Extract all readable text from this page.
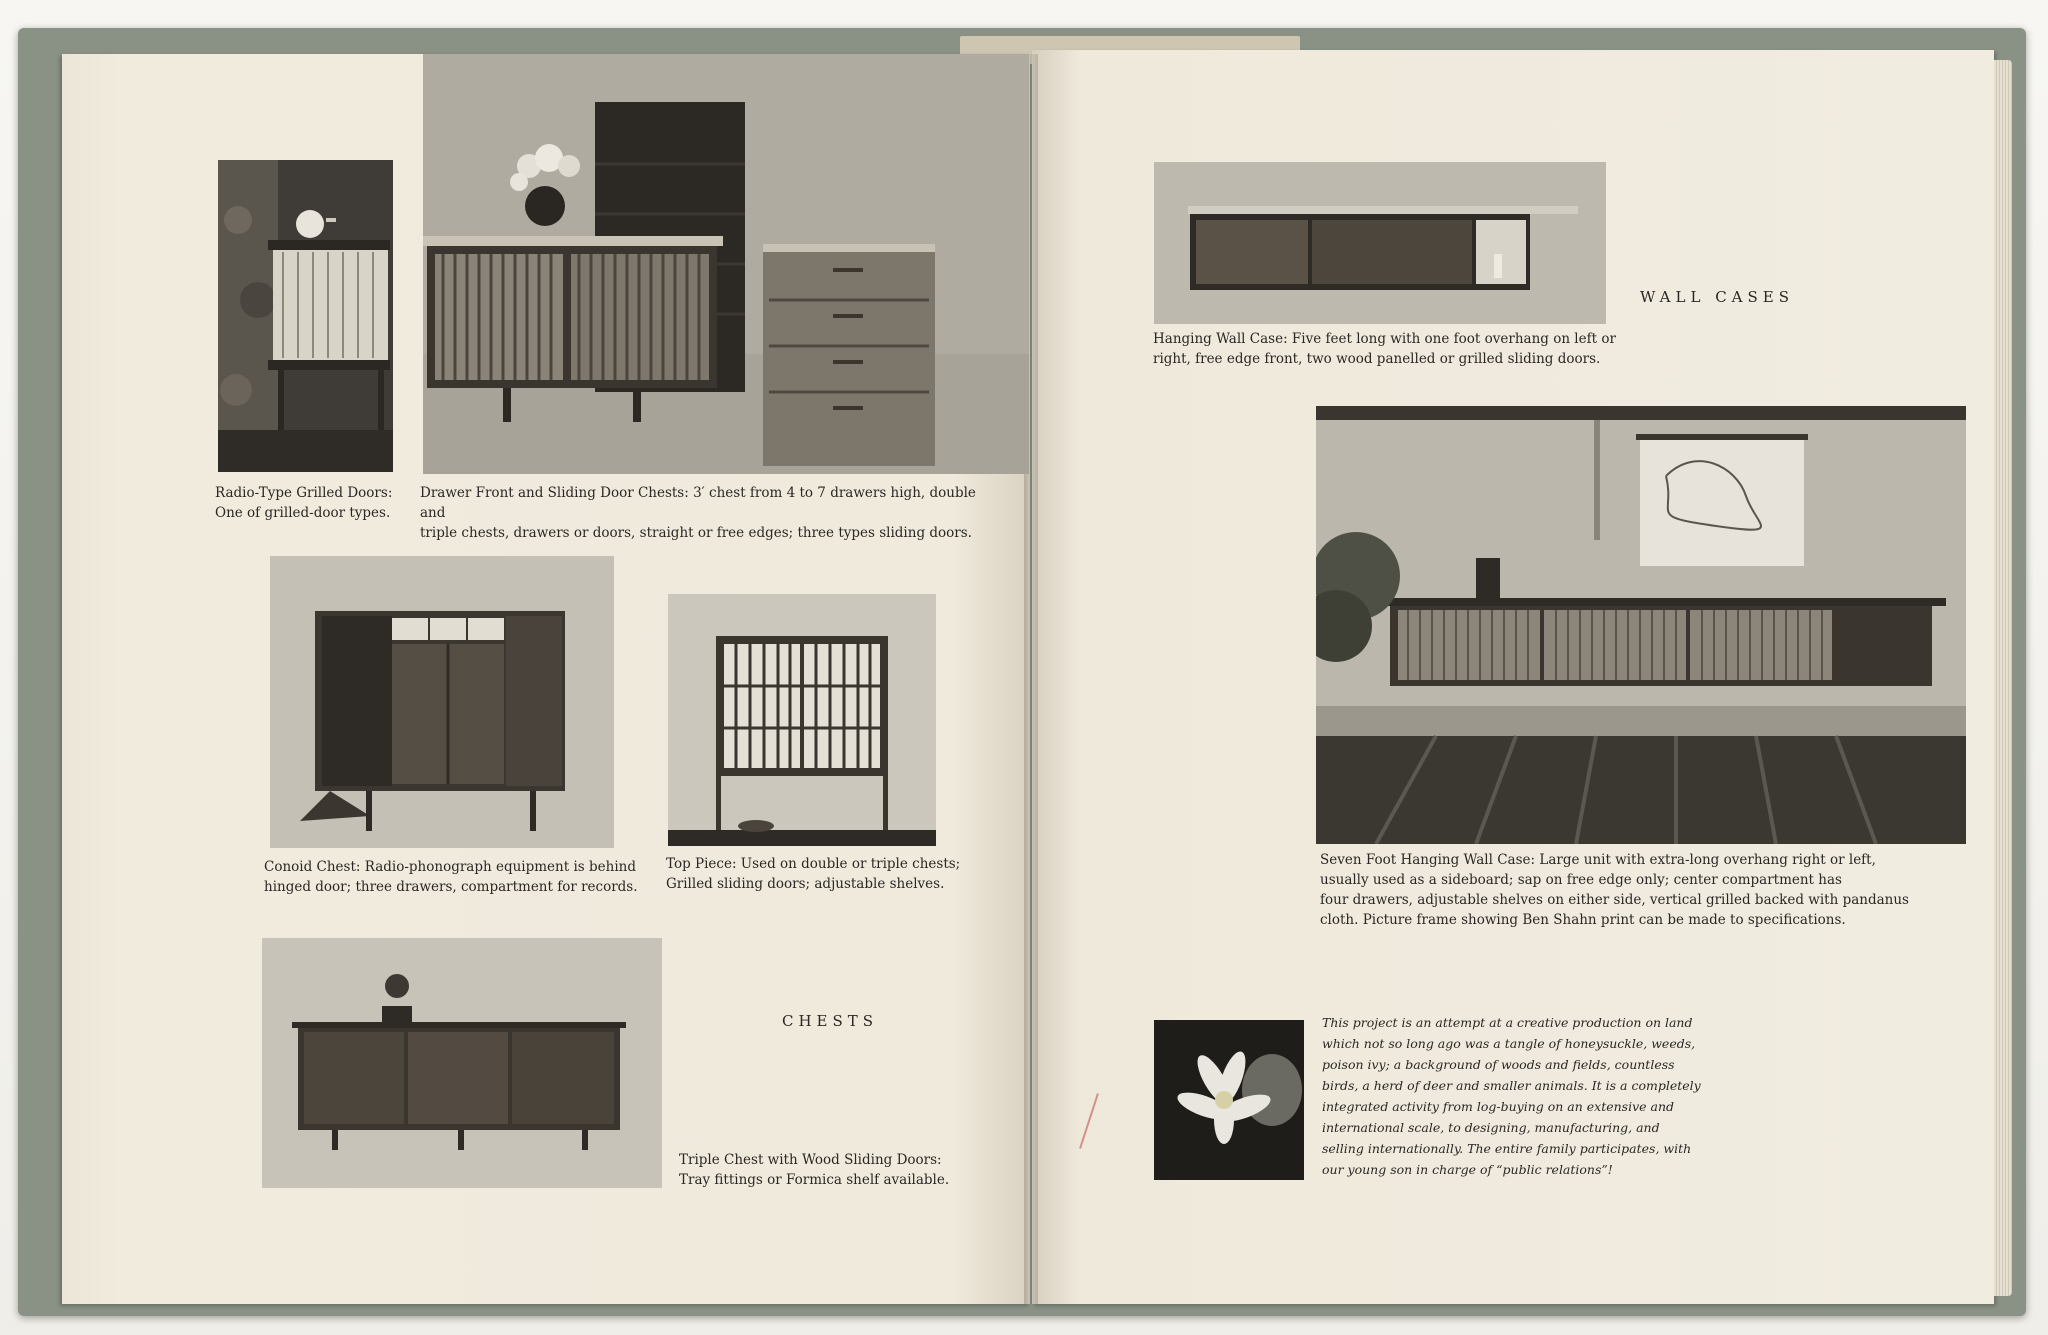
Radio-Type Grilled Doors:
One of grilled-door types.
Drawer Front and Sliding Door Chests: 3′ chest from 4 to 7 drawers high, double and
triple chests, drawers or doors, straight or free edges; three types sliding doors.
Conoid Chest: Radio-phonograph equipment is behind
hinged door; three drawers, compartment for records.
Top Piece: Used on double or triple chests;
Grilled sliding doors; adjustable shelves.
CHESTS
Triple Chest with Wood Sliding Doors:
Tray fittings or Formica shelf available.
WALL CASES
Hanging Wall Case: Five feet long with one foot overhang on left or
right, free edge front, two wood panelled or grilled sliding doors.
Seven Foot Hanging Wall Case: Large unit with extra-long overhang right or left,
usually used as a sideboard; sap on free edge only; center compartment has
four drawers, adjustable shelves on either side, vertical grilled backed with pandanus
cloth. Picture frame showing Ben Shahn print can be made to specifications.
This project is an attempt at a creative production on land
which not so long ago was a tangle of honeysuckle, weeds,
poison ivy; a background of woods and fields, countless
birds, a herd of deer and smaller animals. It is a completely
integrated activity from log-buying on an extensive and
international scale, to designing, manufacturing, and
selling internationally. The entire family participates, with
our young son in charge of “public relations”!
